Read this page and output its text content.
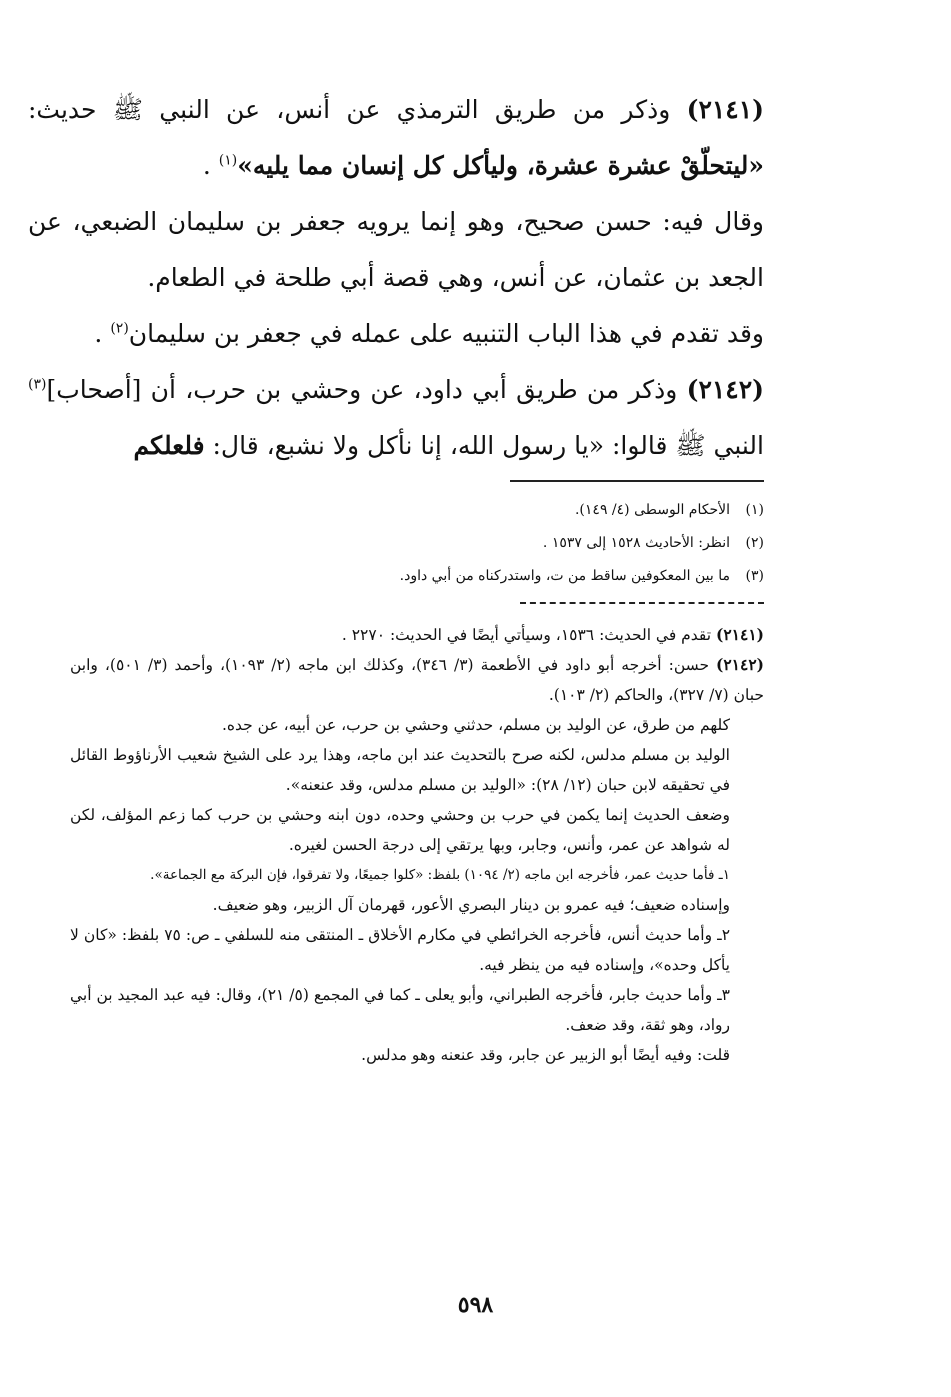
(٢١٤١) وذكر من طريق الترمذي عن أنس، عن النبي ﷺ حديث: «ليتحلّقْ عشرة عشرة، وليأكل كل إنسان مما يليه»$^{(١)}$ .

وقال فيه: حسن صحيح، وهو إنما يرويه جعفر بن سليمان الضبعي، عن الجعد بن عثمان، عن أنس، وهي قصة أبي طلحة في الطعام.

وقد تقدم في هذا الباب التنبيه على عمله في جعفر بن سليمان$^{(٢)}$ .

(٢١٤٢) وذكر من طريق أبي داود، عن وحشي بن حرب، أن [أصحاب]$^{(٣)}$ النبي ﷺ قالوا: «يا رسول الله، إنا نأكل ولا نشبع، قال: فلعلكم

(١)الأحكام الوسطى (٤/ ١٤٩).
(٢)انظر: الأحاديث ١٥٢٨ إلى ١٥٣٧ .
(٣)ما بين المعكوفين ساقط من ت، واستدركناه من أبي داود.

(٢١٤١) تقدم في الحديث: ١٥٣٦، وسيأتي أيضًا في الحديث: ٢٢٧٠ .

(٢١٤٢) حسن: أخرجه أبو داود في الأطعمة (٣/ ٣٤٦)، وكذلك ابن ماجه (٢/ ١٠٩٣)، وأحمد (٣/ ٥٠١)، وابن حبان (٧/ ٣٢٧)، والحاكم (٢/ ١٠٣).

كلهم من طرق، عن الوليد بن مسلم، حدثني وحشي بن حرب، عن أبيه، عن جده.

الوليد بن مسلم مدلس، لكنه صرح بالتحديث عند ابن ماجه، وهذا يرد على الشيخ شعيب الأرناؤوط القائل في تحقيقه لابن حبان (١٢/ ٢٨): «الوليد بن مسلم مدلس، وقد عنعنه».

وضعف الحديث إنما يكمن في حرب بن وحشي وحده، دون ابنه وحشي بن حرب كما زعم المؤلف، لكن له شواهد عن عمر، وأنس، وجابر، وبها يرتقي إلى درجة الحسن لغيره.

١ـ فأما حديث عمر، فأخرجه ابن ماجه (٢/ ١٠٩٤) بلفظ: «كلوا جميعًا، ولا تفرقوا، فإن البركة مع الجماعة».

وإسناده ضعيف؛ فيه عمرو بن دينار البصري الأعور، قهرمان آل الزبير، وهو ضعيف.

٢ـ وأما حديث أنس، فأخرجه الخرائطي في مكارم الأخلاق ـ المنتقى منه للسلفي ـ ص: ٧٥ بلفظ: «كان لا يأكل وحده»، وإسناده فيه من ينظر فيه.

٣ـ وأما حديث جابر، فأخرجه الطبراني، وأبو يعلى ـ كما في المجمع (٥/ ٢١)، وقال: فيه عبد المجيد بن أبي رواد، وهو ثقة، وقد ضعف.

قلت: وفيه أيضًا أبو الزبير عن جابر، وقد عنعنه وهو مدلس.

٥٩٨
